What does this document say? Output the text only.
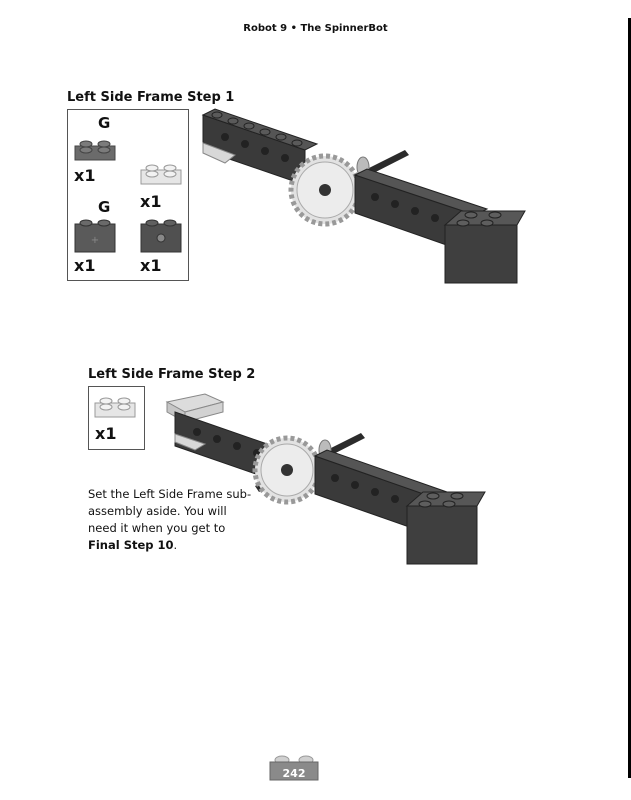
Robot 9 • The SpinnerBot
Left Side Frame Step 1
G
x1
x1
G
+
x1	x1
Left Side Frame Step 2
x1
Set the Left Side Frame sub-assembly aside. You will need it when you get to Final Step 10.
242
